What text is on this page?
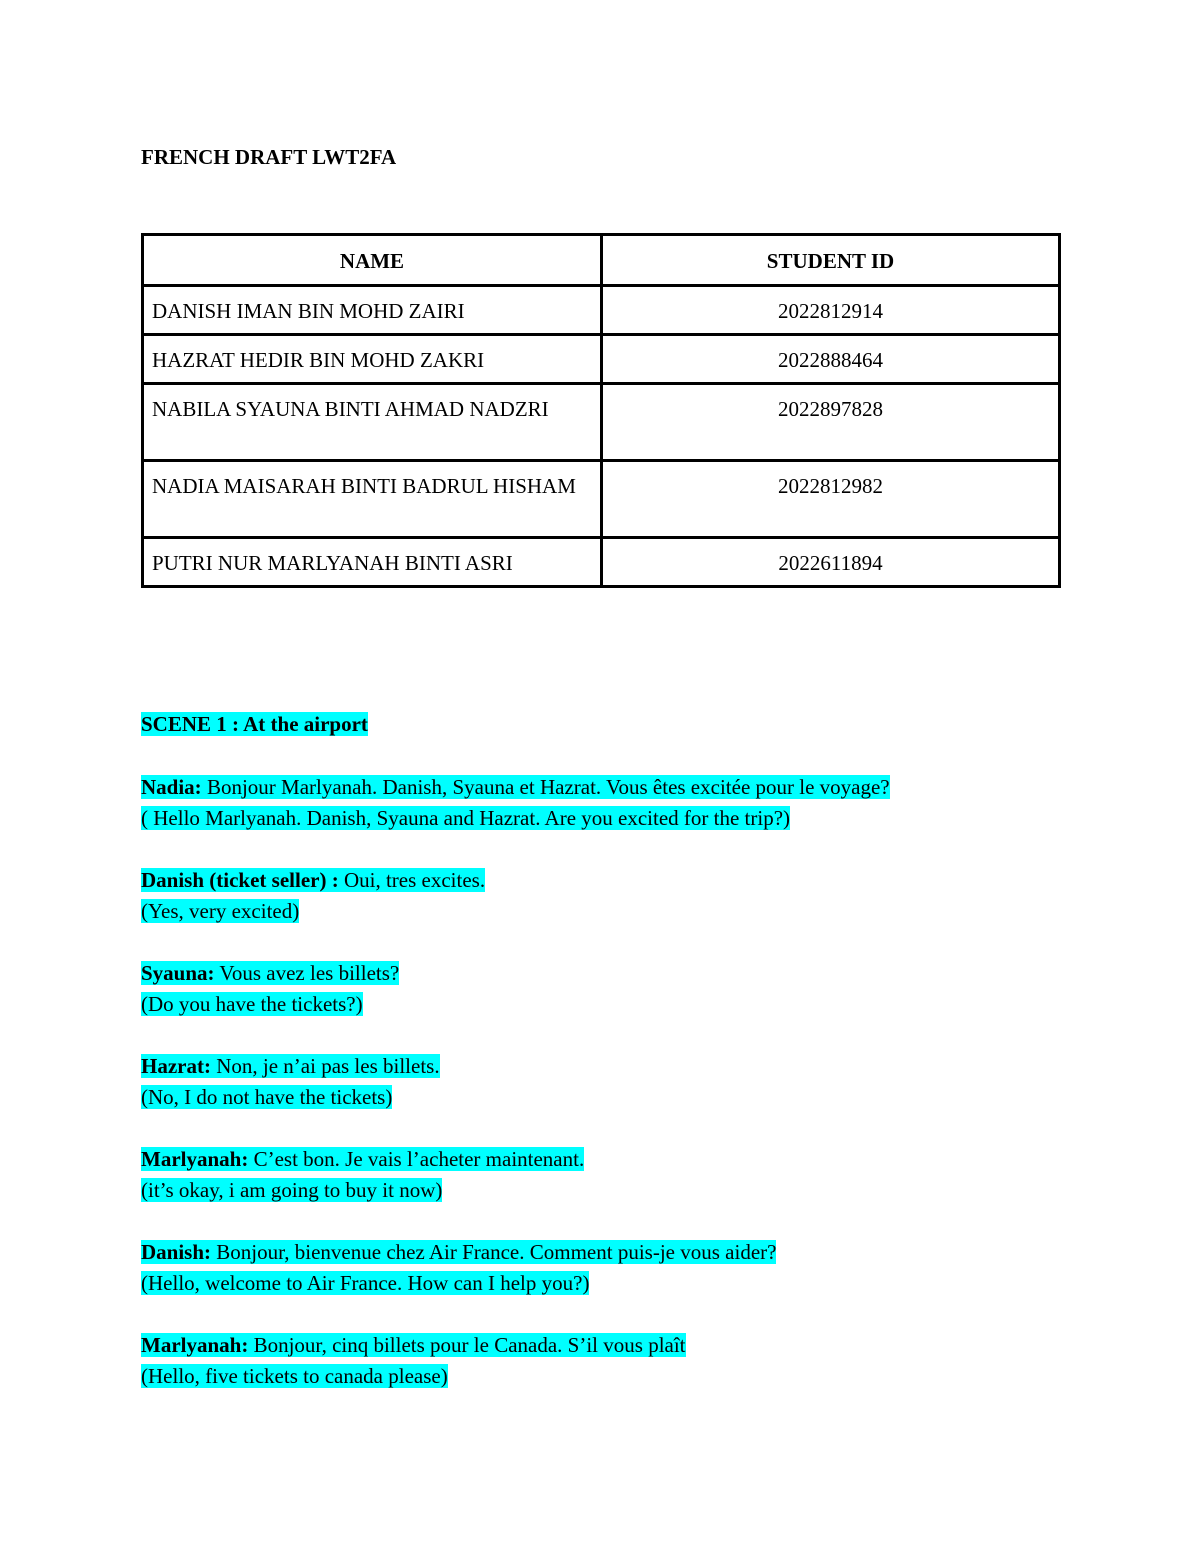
FRENCH DRAFT LWT2FA
NAME	STUDENT ID
DANISH IMAN BIN MOHD ZAIRI	2022812914
HAZRAT HEDIR BIN MOHD ZAKRI	2022888464
NABILA SYAUNA BINTI AHMAD NADZRI	2022897828
NADIA MAISARAH BINTI BADRUL HISHAM	2022812982
PUTRI NUR MARLYANAH BINTI ASRI	2022611894

SCENE 1 : At the airport

Nadia: Bonjour Marlyanah. Danish, Syauna et Hazrat. Vous êtes excitée pour le voyage?

( Hello Marlyanah. Danish, Syauna and Hazrat. Are you excited for the trip?)

Danish (ticket seller) : Oui, tres excites.

(Yes, very excited)

Syauna: Vous avez les billets?

(Do you have the tickets?)

Hazrat: Non, je n’ai pas les billets.

(No, I do not have the tickets)

Marlyanah: C’est bon. Je vais l’acheter maintenant.

(it’s okay, i am going to buy it now)

Danish: Bonjour, bienvenue chez Air France. Comment puis-je vous aider?

(Hello, welcome to Air France. How can I help you?)

Marlyanah: Bonjour, cinq billets pour le Canada. S’il vous plaît

(Hello, five tickets to canada please)
